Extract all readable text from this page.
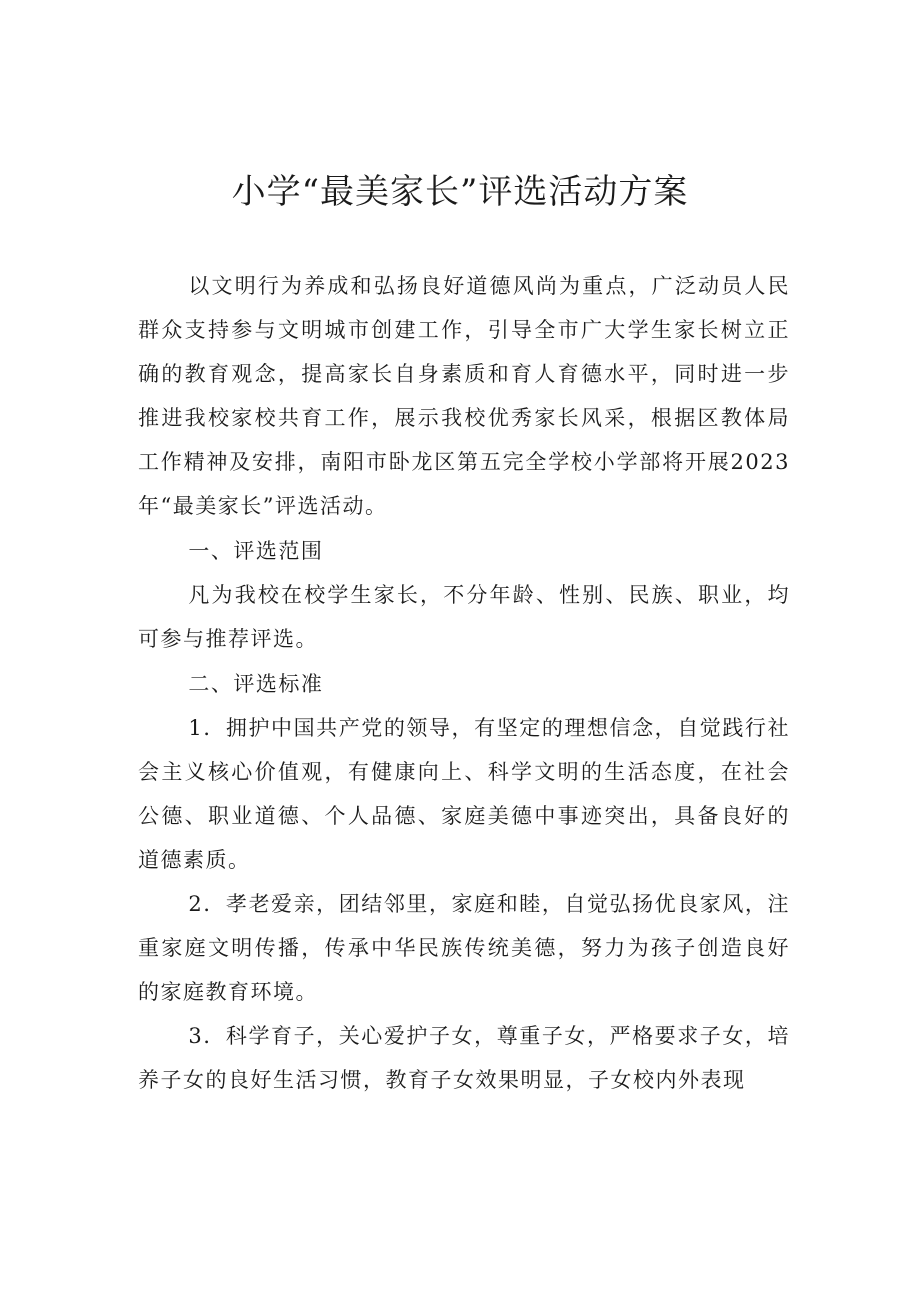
小学“最美家长”评选活动方案

以文明行为养成和弘扬良好道德风尚为重点，广泛动员人民群众支持参与文明城市创建工作，引导全市广大学生家长树立正确的教育观念，提高家长自身素质和育人育德水平，同时进一步推进我校家校共育工作，展示我校优秀家长风采，根据区教体局工作精神及安排，南阳市卧龙区第五完全学校小学部将开展2023年“最美家长”评选活动。

一、评选范围

凡为我校在校学生家长，不分年龄、性别、民族、职业，均可参与推荐评选。

二、评选标准

1．拥护中国共产党的领导，有坚定的理想信念，自觉践行社会主义核心价值观，有健康向上、科学文明的生活态度，在社会公德、职业道德、个人品德、家庭美德中事迹突出，具备良好的道德素质。

2．孝老爱亲，团结邻里，家庭和睦，自觉弘扬优良家风，注重家庭文明传播，传承中华民族传统美德，努力为孩子创造良好的家庭教育环境。

3．科学育子，关心爱护子女，尊重子女，严格要求子女，培养子女的良好生活习惯，教育子女效果明显，子女校内外表现
